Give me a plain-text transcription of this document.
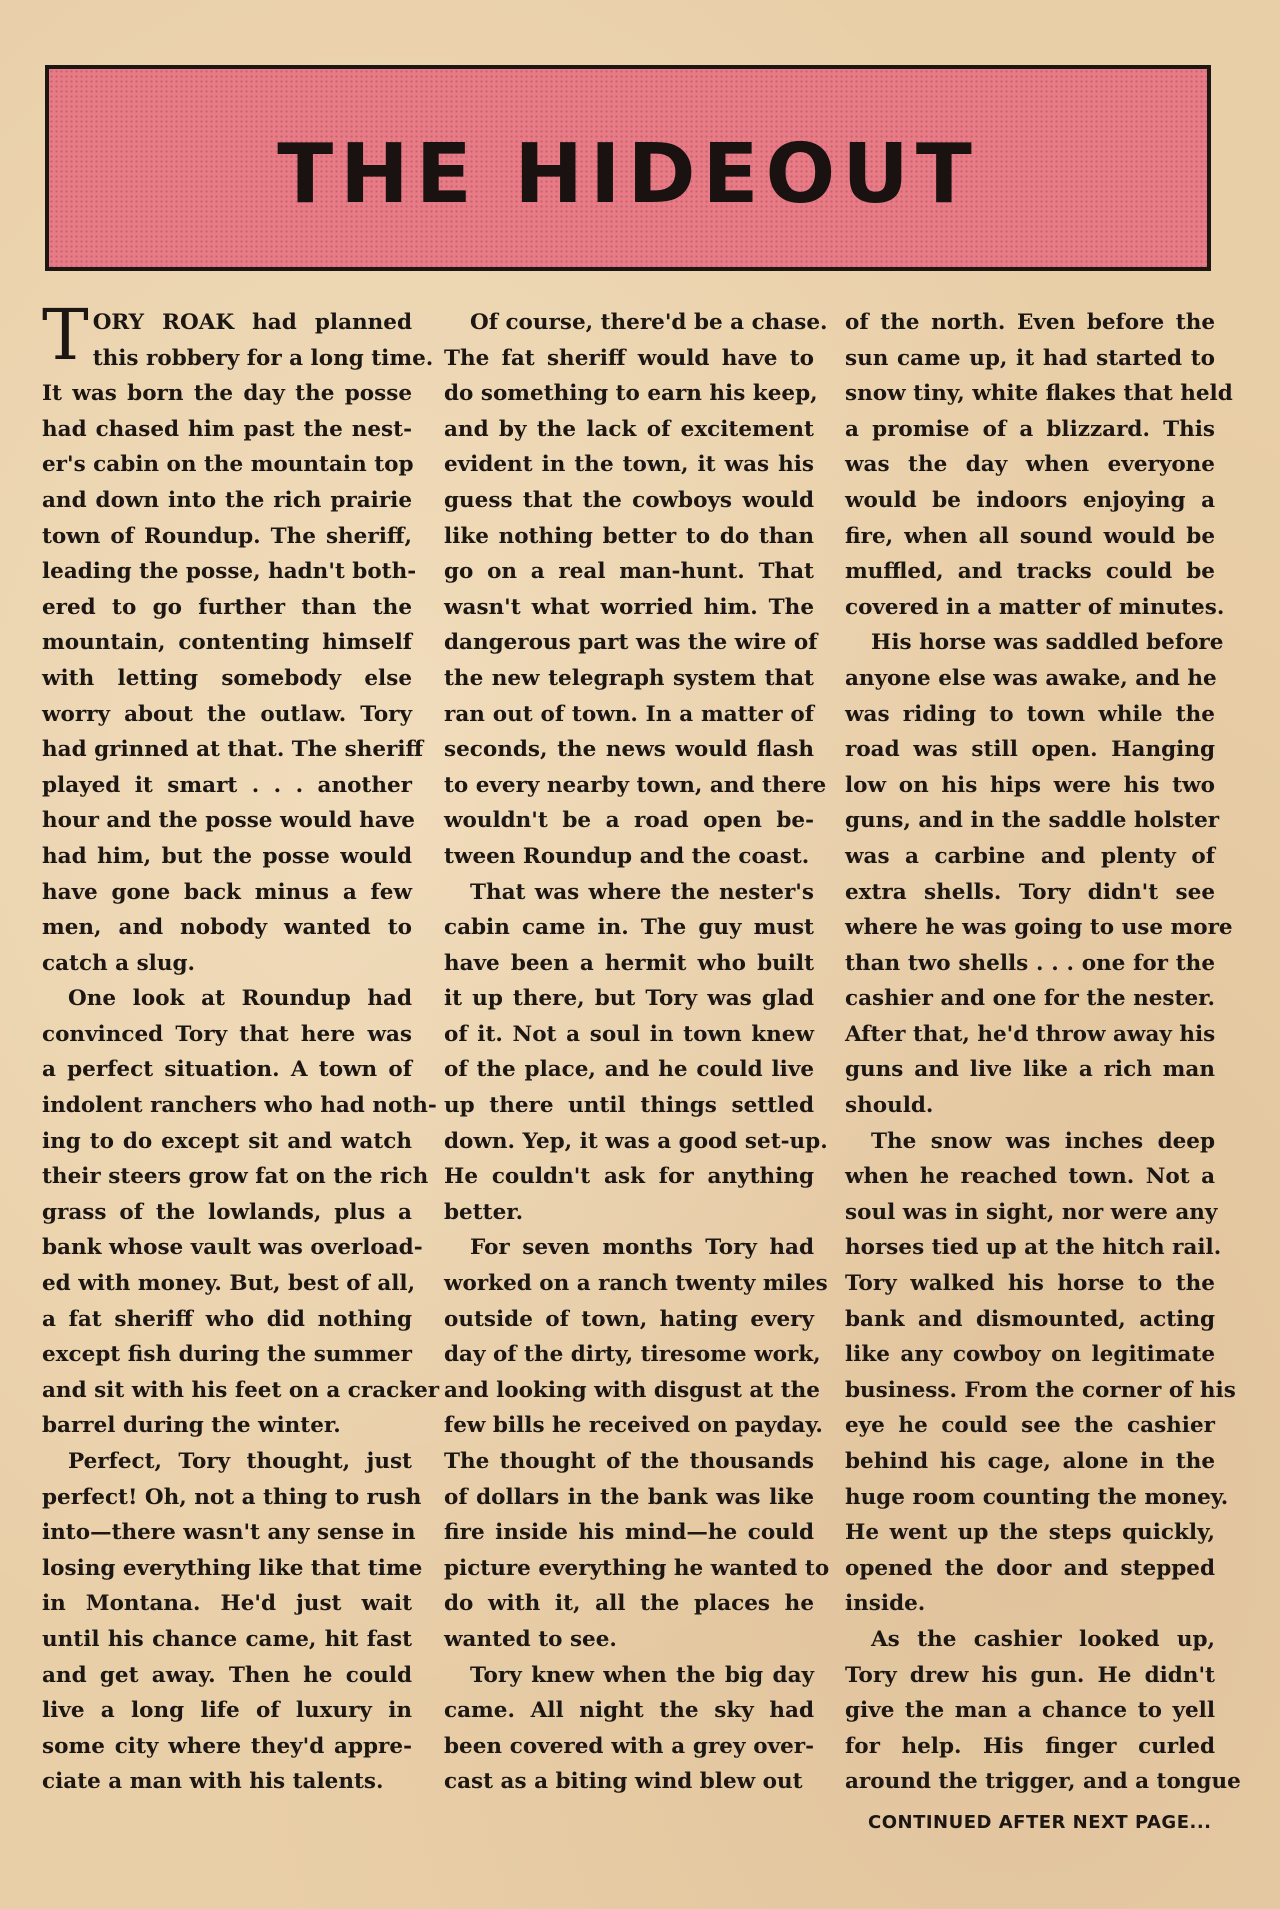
THE HIDEOUT

T ORY ROAK had planned
this robbery for a long time.
It was born the day the posse
had chased him past the nest-
er's cabin on the mountain top
and down into the rich prairie
town of Roundup. The sheriff,
leading the posse, hadn't both-
ered to go further than the
mountain, contenting himself
with letting somebody else
worry about the outlaw. Tory
had grinned at that. The sheriff
played it smart . . . another
hour and the posse would have
had him, but the posse would
have gone back minus a few
men, and nobody wanted to
catch a slug.

One look at Roundup had
convinced Tory that here was
a perfect situation. A town of
indolent ranchers who had noth-
ing to do except sit and watch
their steers grow fat on the rich
grass of the lowlands, plus a
bank whose vault was overload-
ed with money. But, best of all,
a fat sheriff who did nothing
except fish during the summer
and sit with his feet on a cracker
barrel during the winter.

Perfect, Tory thought, just
perfect! Oh, not a thing to rush
into—there wasn't any sense in
losing everything like that time
in Montana. He'd just wait
until his chance came, hit fast
and get away. Then he could
live a long life of luxury in
some city where they'd appre-
ciate a man with his talents.

Of course, there'd be a chase.
The fat sheriff would have to
do something to earn his keep,
and by the lack of excitement
evident in the town, it was his
guess that the cowboys would
like nothing better to do than
go on a real man-hunt. That
wasn't what worried him. The
dangerous part was the wire of
the new telegraph system that
ran out of town. In a matter of
seconds, the news would flash
to every nearby town, and there
wouldn't be a road open be-
tween Roundup and the coast.

That was where the nester's
cabin came in. The guy must
have been a hermit who built
it up there, but Tory was glad
of it. Not a soul in town knew
of the place, and he could live
up there until things settled
down. Yep, it was a good set-up.
He couldn't ask for anything
better.

For seven months Tory had
worked on a ranch twenty miles
outside of town, hating every
day of the dirty, tiresome work,
and looking with disgust at the
few bills he received on payday.
The thought of the thousands
of dollars in the bank was like
fire inside his mind—he could
picture everything he wanted to
do with it, all the places he
wanted to see.

Tory knew when the big day
came. All night the sky had
been covered with a grey over-
cast as a biting wind blew out

of the north. Even before the
sun came up, it had started to
snow tiny, white flakes that held
a promise of a blizzard. This
was the day when everyone
would be indoors enjoying a
fire, when all sound would be
muffled, and tracks could be
covered in a matter of minutes.

His horse was saddled before
anyone else was awake, and he
was riding to town while the
road was still open. Hanging
low on his hips were his two
guns, and in the saddle holster
was a carbine and plenty of
extra shells. Tory didn't see
where he was going to use more
than two shells . . . one for the
cashier and one for the nester.
After that, he'd throw away his
guns and live like a rich man
should.

The snow was inches deep
when he reached town. Not a
soul was in sight, nor were any
horses tied up at the hitch rail.
Tory walked his horse to the
bank and dismounted, acting
like any cowboy on legitimate
business. From the corner of his
eye he could see the cashier
behind his cage, alone in the
huge room counting the money.
He went up the steps quickly,
opened the door and stepped
inside.

As the cashier looked up,
Tory drew his gun. He didn't
give the man a chance to yell
for help. His finger curled
around the trigger, and a tongue

CONTINUED AFTER NEXT PAGE...
